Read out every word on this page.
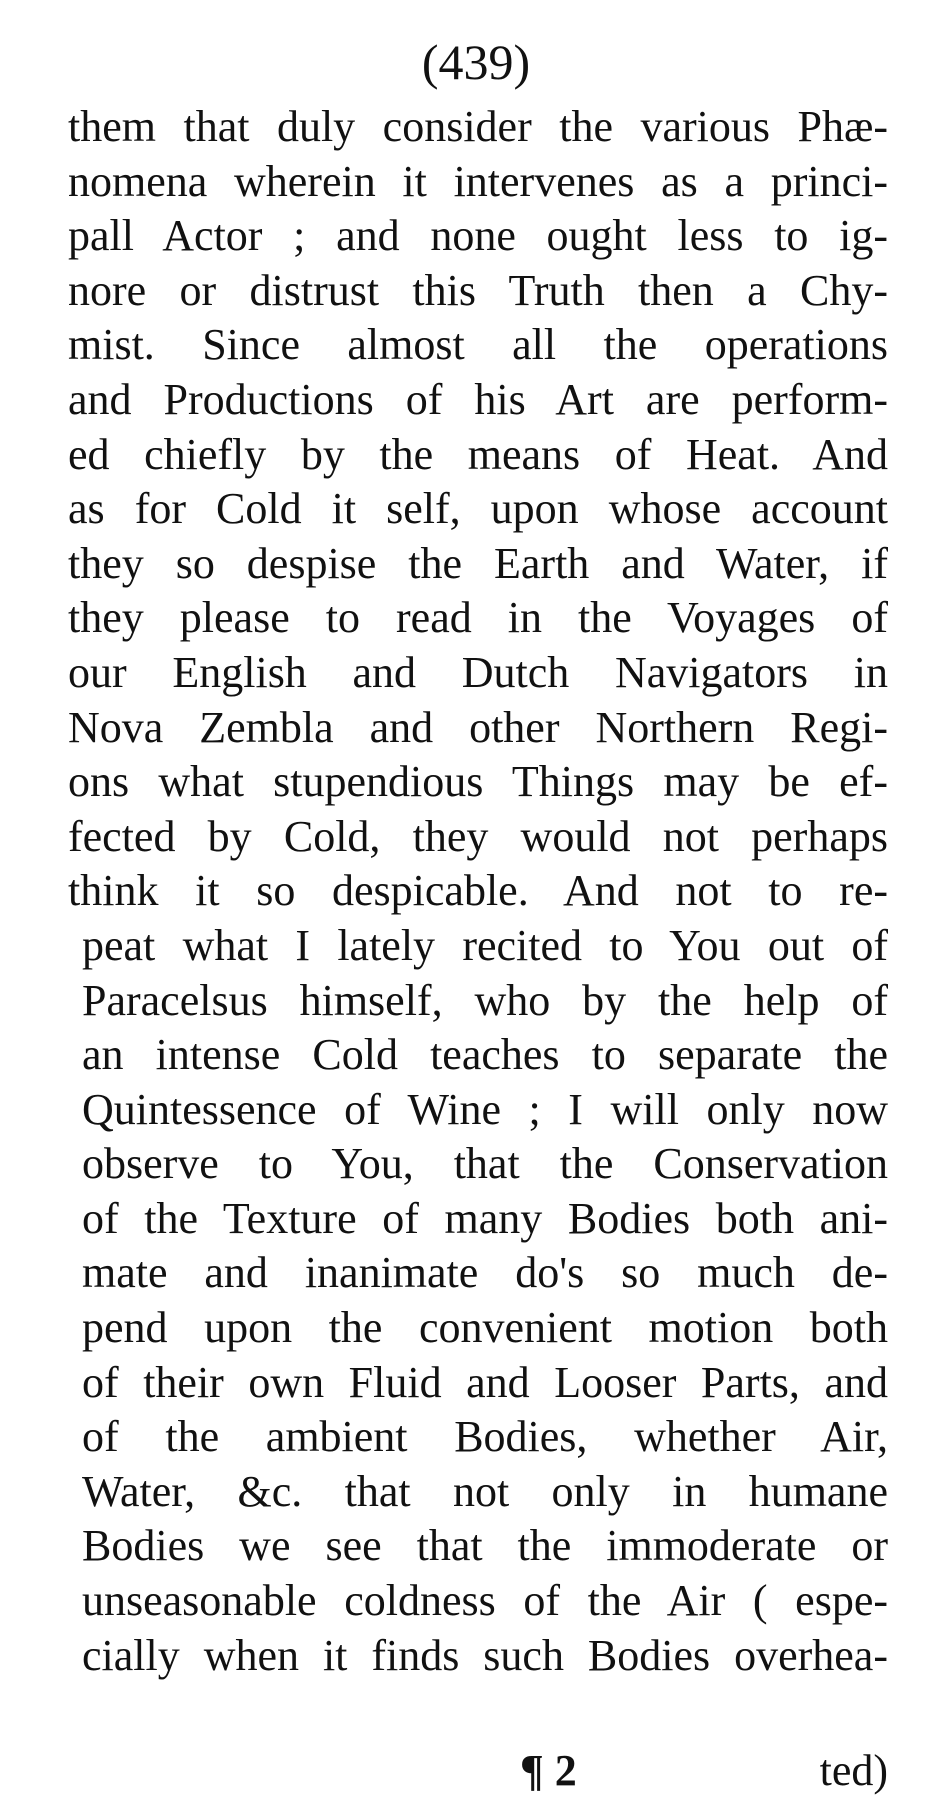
(439)
them that duly consider the various Phæ-
nomena wherein it intervenes as a princi-
pall Actor ; and none ought less to ig-
nore or distrust this Truth then a Chy-
mist. Since almost all the operations
and Productions of his Art are perform-
ed chiefly by the means of Heat. And
as for Cold it self, upon whose account
they so despise the Earth and Water, if
they please to read in the Voyages of
our English and Dutch Navigators in
Nova Zembla and other Northern Regi-
ons what stupendious Things may be ef-
fected by Cold, they would not perhaps
think it so despicable. And not to re-
peat what I lately recited to You out of
Paracelsus himself, who by the help of
an intense Cold teaches to separate the
Quintessence of Wine ; I will only now
observe to You, that the Conservation
of the Texture of many Bodies both ani-
mate and inanimate do's so much de-
pend upon the convenient motion both
of their own Fluid and Looser Parts, and
of the ambient Bodies, whether Air,
Water, &c. that not only in humane
Bodies we see that the immoderate or
unseasonable coldness of the Air ( espe-
cially when it finds such Bodies overhea-
¶ 2	ted)
